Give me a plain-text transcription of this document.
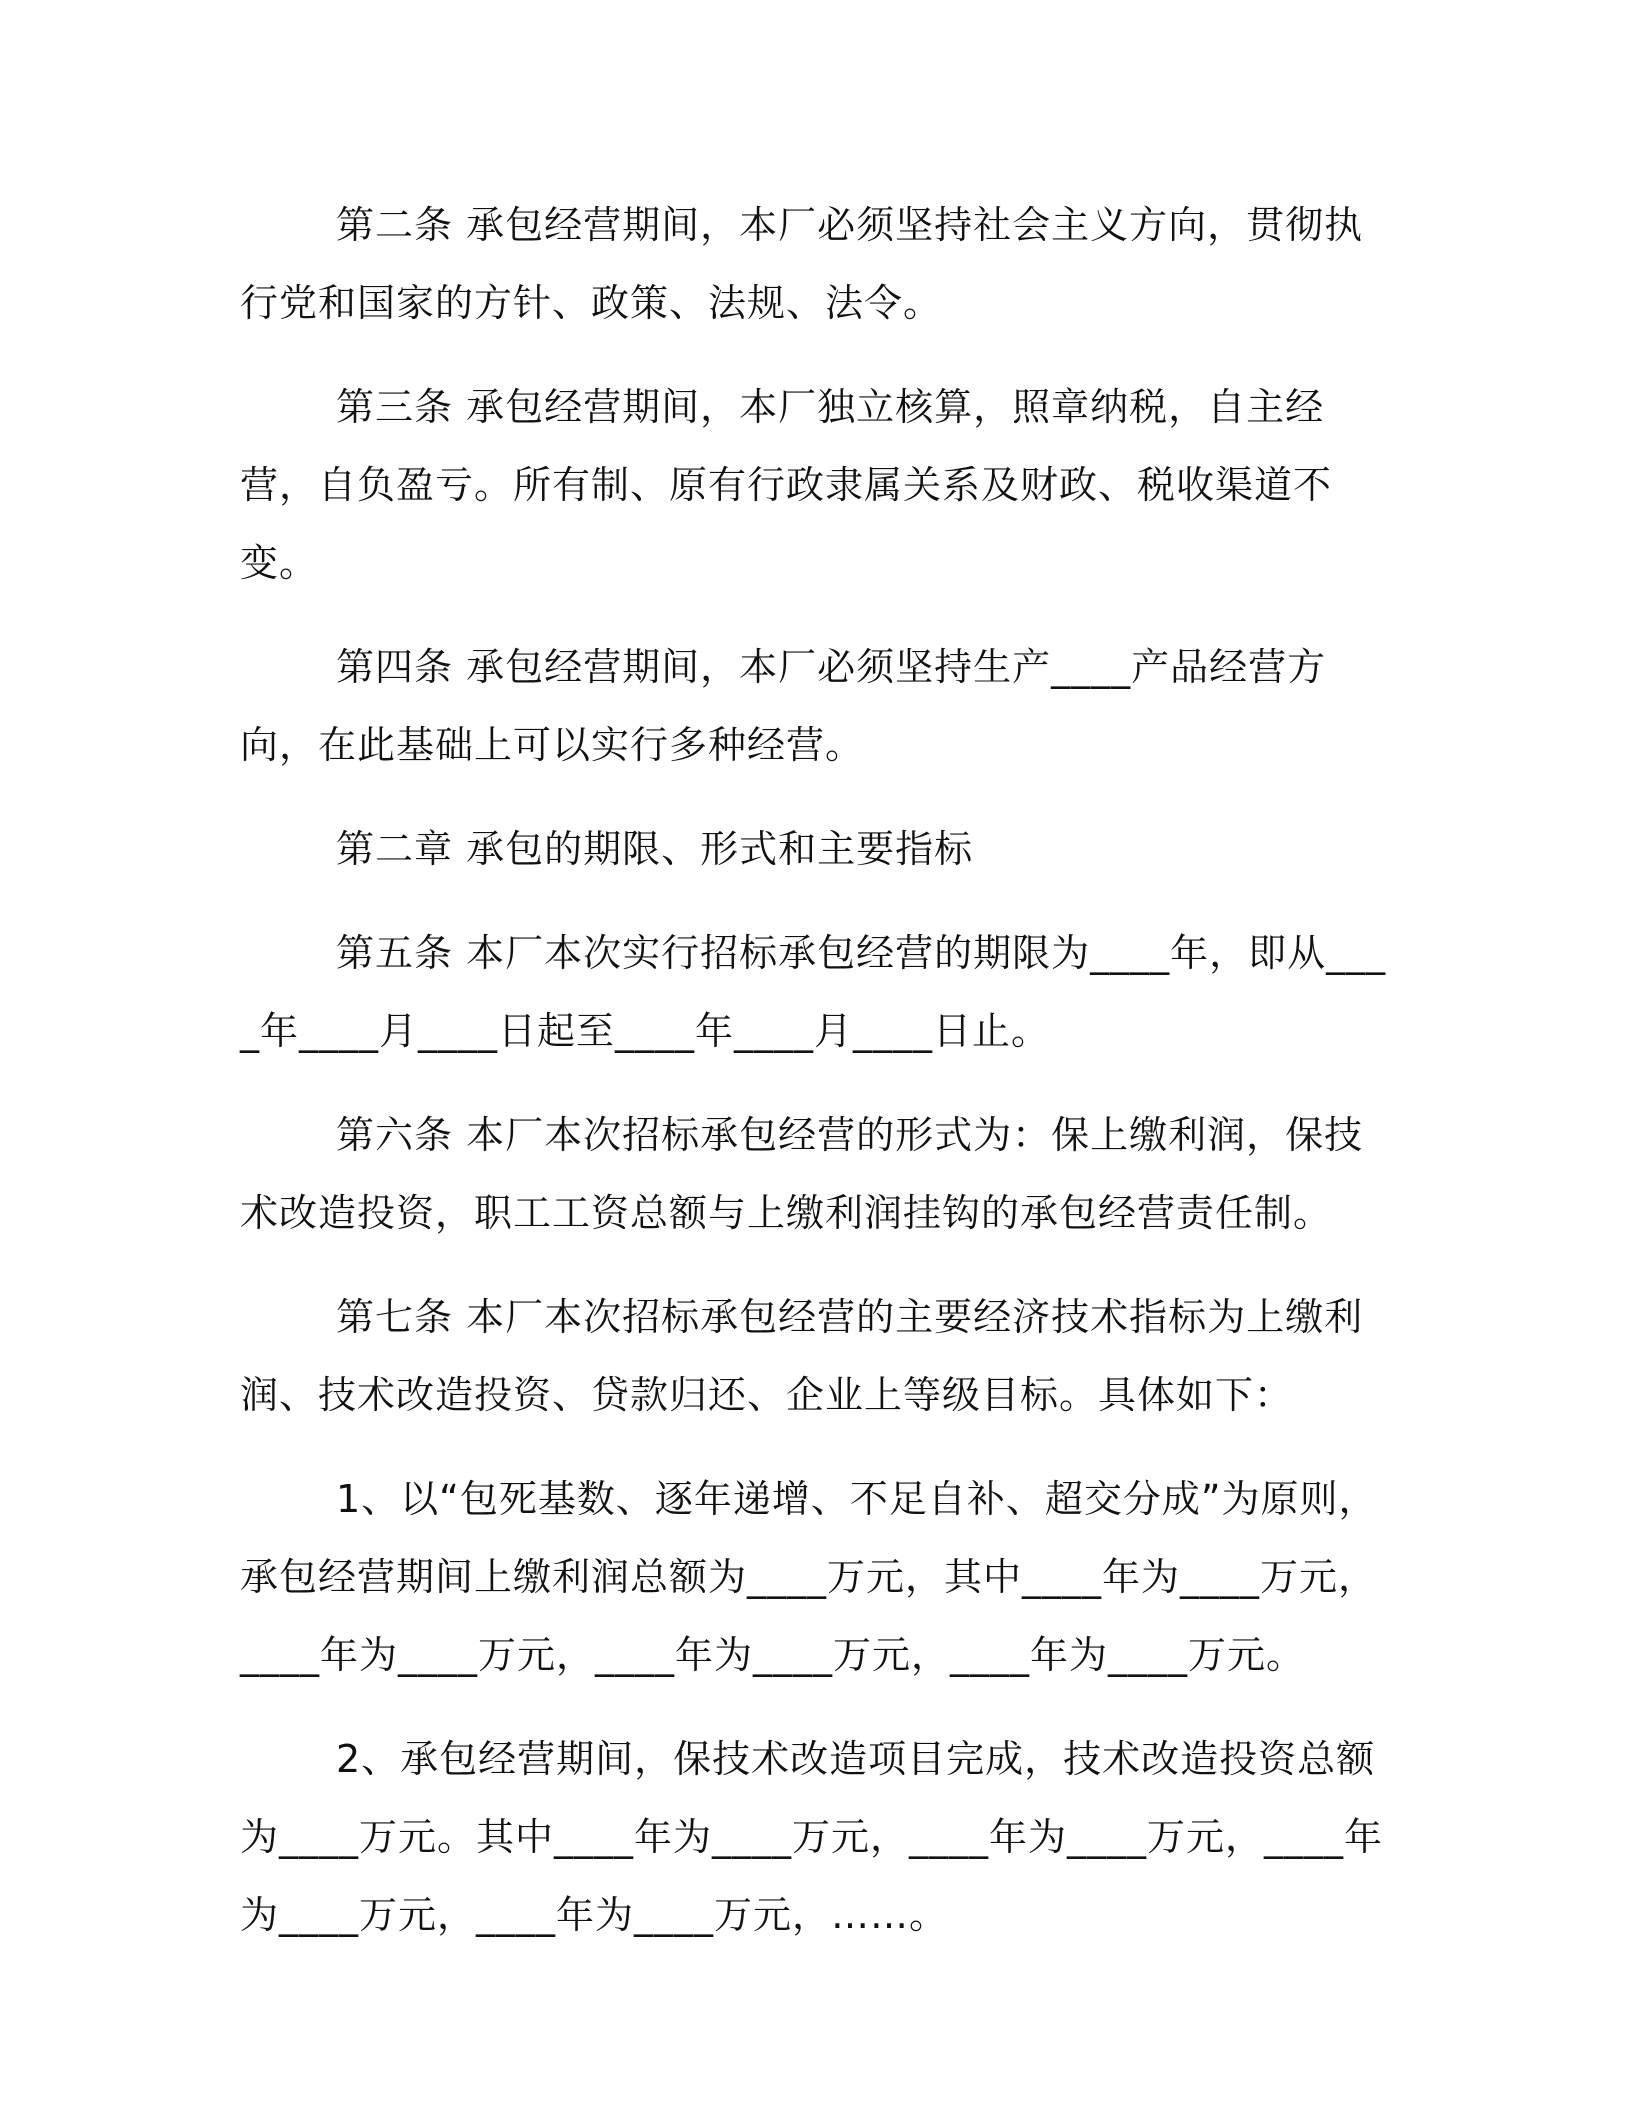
第二条 承包经营期间，本厂必须坚持社会主义方向，贯彻执行党和国家的方针、政策、法规、法令。

第三条 承包经营期间，本厂独立核算，照章纳税，自主经营，自负盈亏。所有制、原有行政隶属关系及财政、税收渠道不变。

第四条 承包经营期间，本厂必须坚持生产____产品经营方向，在此基础上可以实行多种经营。

第二章 承包的期限、形式和主要指标

第五条 本厂本次实行招标承包经营的期限为____年，即从____年____月____日起至____年____月____日止。

第六条 本厂本次招标承包经营的形式为：保上缴利润，保技术改造投资，职工工资总额与上缴利润挂钩的承包经营责任制。

第七条 本厂本次招标承包经营的主要经济技术指标为上缴利润、技术改造投资、贷款归还、企业上等级目标。具体如下：

1、以“包死基数、逐年递增、不足自补、超交分成”为原则，承包经营期间上缴利润总额为____万元，其中____年为____万元，____年为____万元，____年为____万元，____年为____万元。

2、承包经营期间，保技术改造项目完成，技术改造投资总额为____万元。其中____年为____万元，____年为____万元，____年为____万元，____年为____万元，……。
